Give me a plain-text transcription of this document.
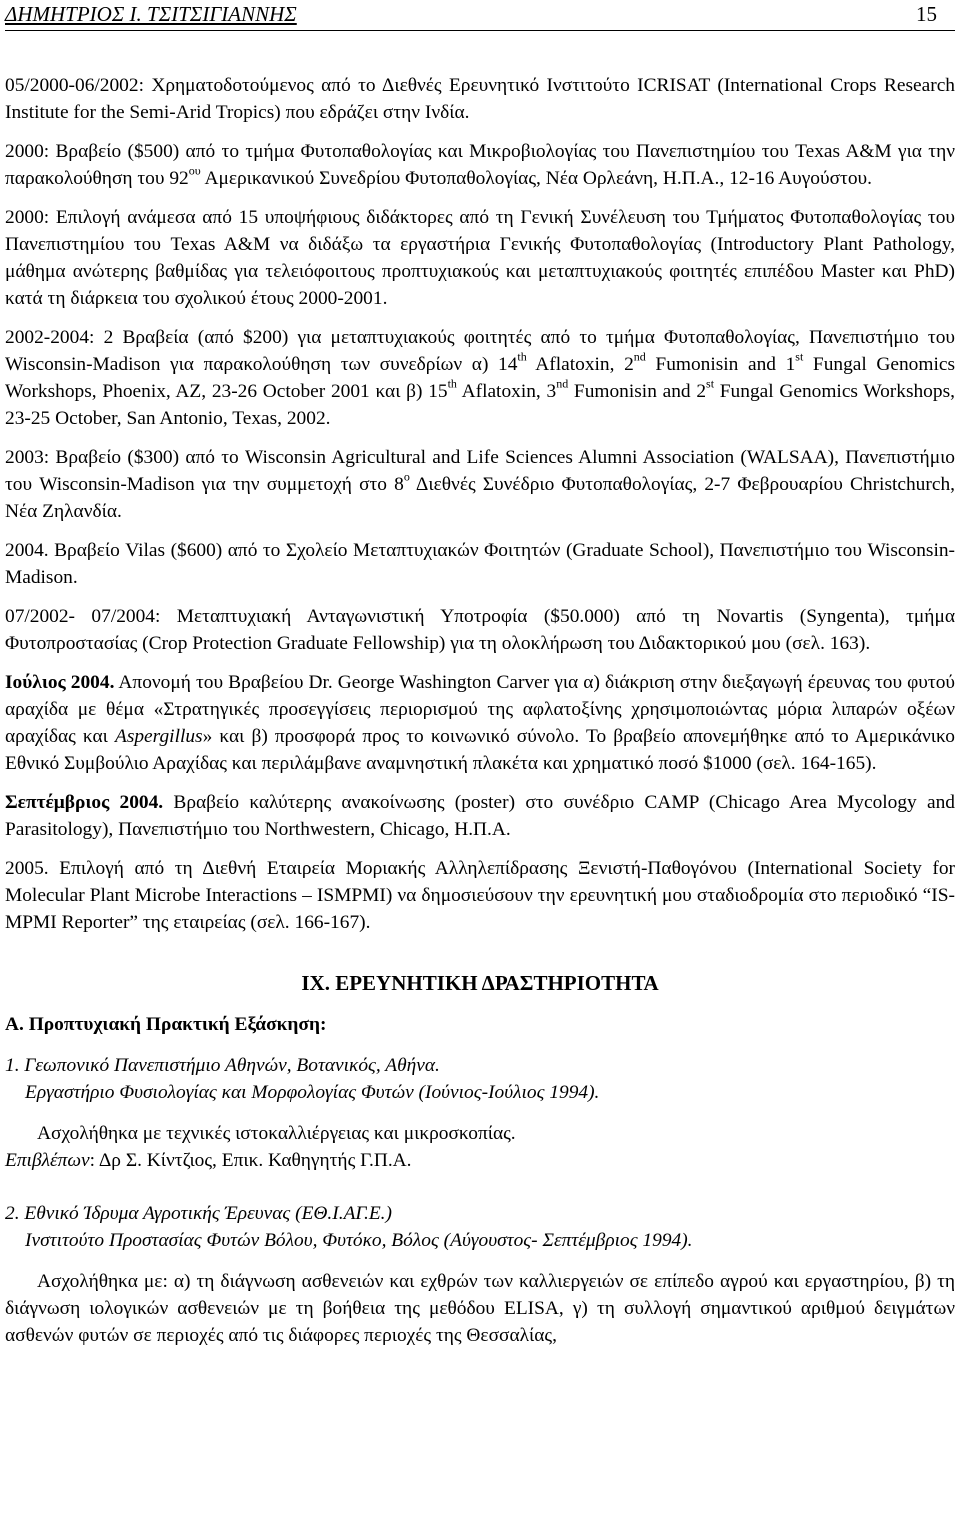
ΔΗΜΗΤΡΙΟΣ Ι. ΤΣΙΤΣΙΓΙΑΝΝΗΣ	15

05/2000-06/2002: Χρηματοδοτούμενος από το Διεθνές Ερευνητικό Ινστιτούτο ICRISAT (International Crops Research Institute for the Semi-Arid Tropics) που εδράζει στην Ινδία.

2000: Βραβείο ($500) από το τμήμα Φυτοπαθολογίας και Μικροβιολογίας του Πανεπιστημίου του Texas A&M για την παρακολούθηση του $92^{o\upsilon}$ Αμερικανικού Συνεδρίου Φυτοπαθολογίας, Νέα Ορλεάνη, Η.Π.Α., 12-16 Αυγούστου.

2000: Επιλογή ανάμεσα από 15 υποψήφιους διδάκτορες από τη Γενική Συνέλευση του Τμήματος Φυτοπαθολογίας του Πανεπιστημίου του Texas A&M να διδάξω τα εργαστήρια Γενικής Φυτοπαθολογίας (Introductory Plant Pathology, μάθημα ανώτερης βαθμίδας για τελειόφοιτους προπτυχιακούς και μεταπτυχιακούς φοιτητές επιπέδου Master και PhD) κατά τη διάρκεια του σχολικού έτους 2000-2001.

2002-2004: 2 Βραβεία (από $200) για μεταπτυχιακούς φοιτητές από το τμήμα Φυτοπαθολογίας, Πανεπιστήμιο του Wisconsin-Madison για παρακολούθηση των συνεδρίων α) 14th Aflatoxin, 2nd Fumonisin and 1st Fungal Genomics Workshops, Phoenix, AZ, 23-26 October 2001 και β) 15th Aflatoxin, 3nd Fumonisin and 2st Fungal Genomics Workshops, 23-25 October, San Antonio, Texas, 2002.

2003: Βραβείο ($300) από το Wisconsin Agricultural and Life Sciences Alumni Association (WALSAA), Πανεπιστήμιο του Wisconsin-Madison για την συμμετοχή στο $8^o$ Διεθνές Συνέδριο Φυτοπαθολογίας, 2-7 Φεβρουαρίου Christchurch, Νέα Ζηλανδία.

2004. Βραβείο Vilas ($600) από το Σχολείο Μεταπτυχιακών Φοιτητών (Graduate School), Πανεπιστήμιο του Wisconsin-Madison.

07/2002- 07/2004: Μεταπτυχιακή Ανταγωνιστική Υποτροφία ($50.000) από τη Novartis (Syngenta), τμήμα Φυτοπροστασίας (Crop Protection Graduate Fellowship) για τη ολοκλήρωση του Διδακτορικού μου (σελ. 163).

Ιούλιος 2004. Απονομή του Βραβείου Dr. George Washington Carver για α) διάκριση στην διεξαγωγή έρευνας του φυτού αραχίδα με θέμα «Στρατηγικές προσεγγίσεις περιορισμού της αφλατοξίνης χρησιμοποιώντας μόρια λιπαρών οξέων αραχίδας και Aspergillus» και β) προσφορά προς το κοινωνικό σύνολο. Το βραβείο απονεμήθηκε από το Αμερικάνικο Εθνικό Συμβούλιο Αραχίδας και περιλάμβανε αναμνηστική πλακέτα και χρηματικό ποσό $1000 (σελ. 164-165).

Σεπτέμβριος 2004. Βραβείο καλύτερης ανακοίνωσης (poster) στο συνέδριο CAMP (Chicago Area Mycology and Parasitology), Πανεπιστήμιο του Northwestern, Chicago, Η.Π.Α.

2005. Επιλογή από τη Διεθνή Εταιρεία Μοριακής Αλληλεπίδρασης Ξενιστή-Παθογόνου (International Society for Molecular Plant Microbe Interactions – ISMPMI) να δημοσιεύσουν την ερευνητική μου σταδιοδρομία στο περιοδικό “IS-MPMI Reporter” της εταιρείας (σελ. 166-167).

IX. ΕΡΕΥΝΗΤΙΚΗ ΔΡΑΣΤΗΡΙΟΤΗΤΑ
Α. Προπτυχιακή Πρακτική Εξάσκηση:

1. Γεωπονικό Πανεπιστήμιο Αθηνών, Βοτανικός, Αθήνα.

Εργαστήριο Φυσιολογίας και Μορφολογίας Φυτών (Ιούνιος-Ιούλιος 1994).

Ασχολήθηκα με τεχνικές ιστοκαλλιέργειας και μικροσκοπίας.

Επιβλέπων: Δρ Σ. Κίντζιος, Επικ. Καθηγητής Γ.Π.Α.

2. Εθνικό Ίδρυμα Αγροτικής Έρευνας (ΕΘ.Ι.ΑΓ.Ε.)

Ινστιτούτο Προστασίας Φυτών Βόλου, Φυτόκο, Βόλος (Αύγουστος- Σεπτέμβριος 1994).

Ασχολήθηκα με: α) τη διάγνωση ασθενειών και εχθρών των καλλιεργειών σε επίπεδο αγρού και εργαστηρίου, β) τη διάγνωση ιολογικών ασθενειών με τη βοήθεια της μεθόδου ELISA, γ) τη συλλογή σημαντικού αριθμού δειγμάτων ασθενών φυτών σε περιοχές από τις διάφορες περιοχές της Θεσσαλίας,
